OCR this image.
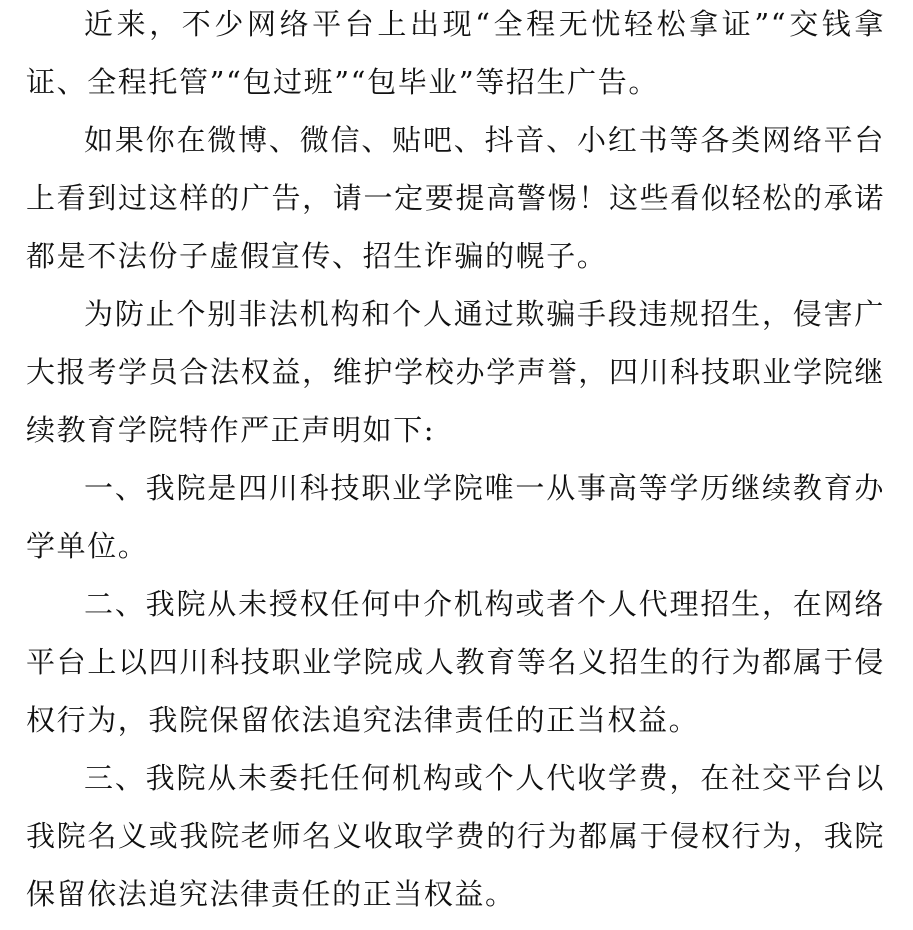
近来，不少网络平台上出现“全程无忧轻松拿证”“交钱拿证、全程托管”“包过班”“包毕业”等招生广告。

如果你在微博、微信、贴吧、抖音、小红书等各类网络平台上看到过这样的广告，请一定要提高警惕！这些看似轻松的承诺都是不法份子虚假宣传、招生诈骗的幌子。

为防止个别非法机构和个人通过欺骗手段违规招生，侵害广大报考学员合法权益，维护学校办学声誉，四川科技职业学院继续教育学院特作严正声明如下:

一、我院是四川科技职业学院唯一从事高等学历继续教育办学单位。

二、我院从未授权任何中介机构或者个人代理招生，在网络平台上以四川科技职业学院成人教育等名义招生的行为都属于侵权行为，我院保留依法追究法律责任的正当权益。

三、我院从未委托任何机构或个人代收学费，在社交平台以我院名义或我院老师名义收取学费的行为都属于侵权行为，我院保留依法追究法律责任的正当权益。
